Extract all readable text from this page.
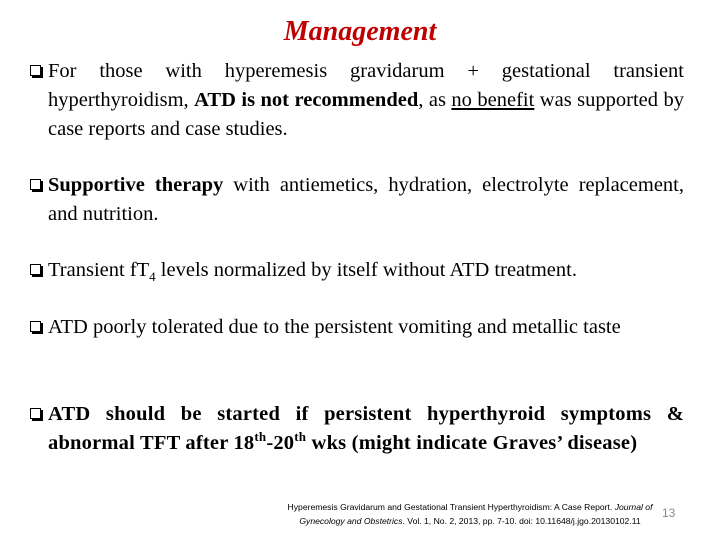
Management
For those with hyperemesis gravidarum + gestational transient hyperthyroidism, ATD is not recommended, as no benefit was supported by case reports and case studies.
Supportive therapy with antiemetics, hydration, electrolyte replacement, and nutrition.
Transient $fT_4$ levels normalized by itself without ATD treatment.
ATD poorly tolerated due to the persistent vomiting and metallic taste
ATD should be started if persistent hyperthyroid symptoms & abnormal TFT after 18th-20th wks (might indicate Graves’ disease)
Hyperemesis Gravidarum and Gestational Transient Hyperthyroidism: A Case Report. Journal of
Gynecology and Obstetrics. Vol. 1, No. 2, 2013, pp. 7-10. doi: 10.11648/j.jgo.20130102.11
13
